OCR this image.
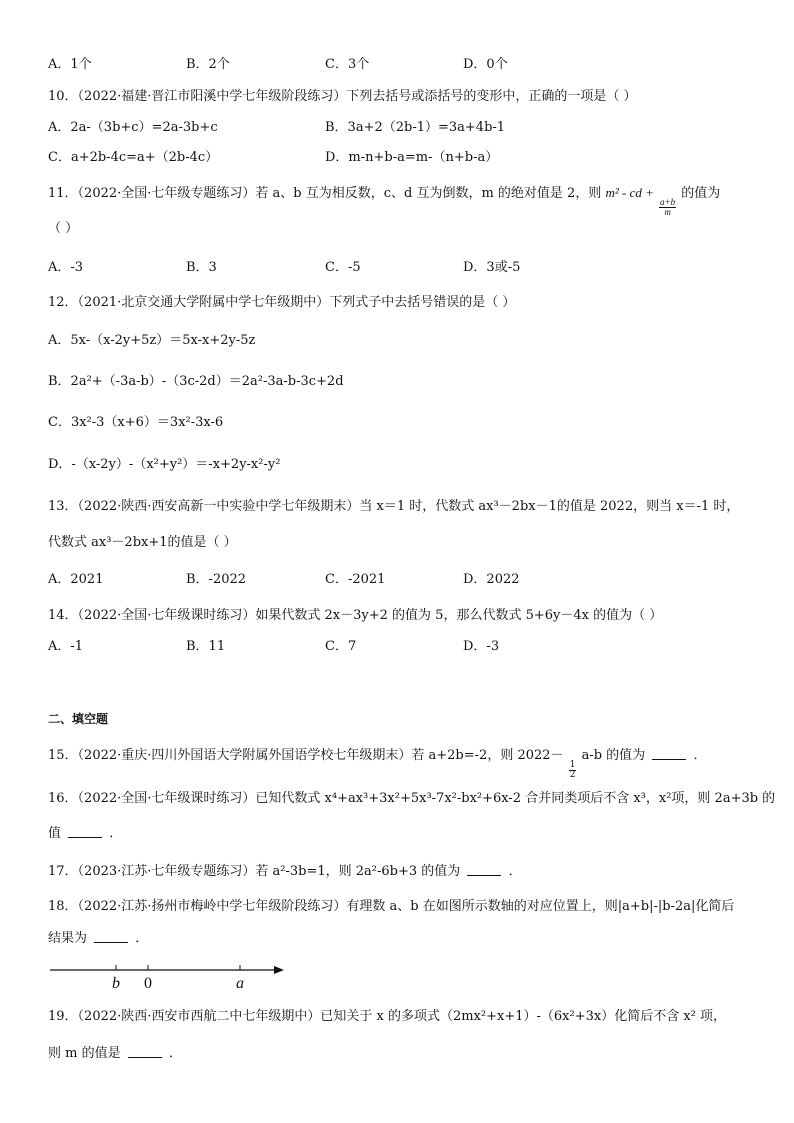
A．1个	B．2个	C．3个	D．0个
10．（2022·福建·晋江市阳溪中学七年级阶段练习）下列去括号或添括号的变形中，正确的一项是（ ）
A．2a-（3b+c）=2a-3b+c	B．3a+2（2b-1）=3a+4b-1
C．a+2b-4c=a+（2b-4c）	D．m-n+b-a=m-（n+b-a）
11．（2022·全国·七年级专题练习）若 a、b 互为相反数，c、d 互为倒数，m 的绝对值是 2，则 m² - cd +
$\frac{a+b}{m}$
的值为
（ ）
A．-3	B．3	C．-5	D．3或-5
12．（2021·北京交通大学附属中学七年级期中）下列式子中去括号错误的是（ ）
A．5x-（x-2y+5z）＝5x-x+2y-5z
B．2a²+（-3a-b）-（3c-2d）＝2a²-3a-b-3c+2d
C．3x²-3（x+6）＝3x²-3x-6
D．-（x-2y）-（x²+y²）＝-x+2y-x²-y²
13．（2022·陕西·西安高新一中实验中学七年级期末）当 x＝1 时，代数式 ax³－2bx－1的值是 2022，则当 x＝-1 时，
代数式 ax³－2bx+1的值是（ ）
A．2021	B．-2022	C．-2021	D．2022
14．（2022·全国·七年级课时练习）如果代数式 2x－3y+2 的值为 5，那么代数式 5+6y－4x 的值为（ ）
A．-1	B．11	C．7	D．-3
二、填空题
15．（2022·重庆·四川外国语大学附属外国语学校七年级期末）若 a+2b=-2，则 2022－
$\frac{1}{2}$
a-b 的值为	．
16．（2022·全国·七年级课时练习）已知代数式 x⁴+ax³+3x²+5x³-7x²-bx²+6x-2 合并同类项后不含 x³，x²项，则 2a+3b 的
值	．
17．（2023·江苏·七年级专题练习）若 a²-3b=1，则 2a²-6b+3 的值为	．
18．（2022·江苏·扬州市梅岭中学七年级阶段练习）有理数 a、b 在如图所示数轴的对应位置上，则|a+b|-|b-2a|化简后
结果为	．
b 0	a
19．（2022·陕西·西安市西航二中七年级期中）已知关于 x 的多项式（2mx²+x+1）-（6x²+3x）化简后不含 x² 项，
则 m 的值是	．
